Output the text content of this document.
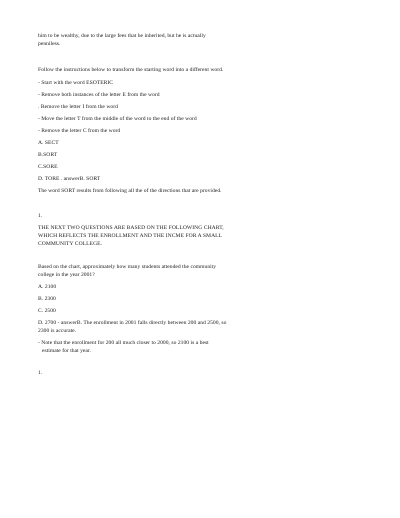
him to be wealthy, due to the large fees that he inherited, but he is actually

penniless.

Follow the instructions below to transform the starting word into a different word.

- Start with the word ESOTERIC

- Remove both instances of the letter E from the word

. Remove the letter I from the word

- Move the letter T from the middle of the word to the end of the word

- Remove the letter C from the word

A. SECT

B.SORT

C.SORE

D. TORE . answerB. SORT

The word SORT results from following all the of the directions that are provided.

1.

THE NEXT TWO QUESTIONS ARE BASED ON THE FOLLOWING CHART,

WHICH REFLECTS THE ENROLLMENT AND THE INCME FOR A SMALL

COMMUNITY COLLEGE.

Based on the chart, approximately how many students attended the community

college in the year 2001?

A. 2100

B. 2300

C. 2500

D. 2700 - answerB. The enrollment in 2001 falls directly between 200 and 2500, so

2300 is accurate.

- Note that the enrollment for 200 all much closer to 2000, so 2100 is a best

estimate for that year.

1.
